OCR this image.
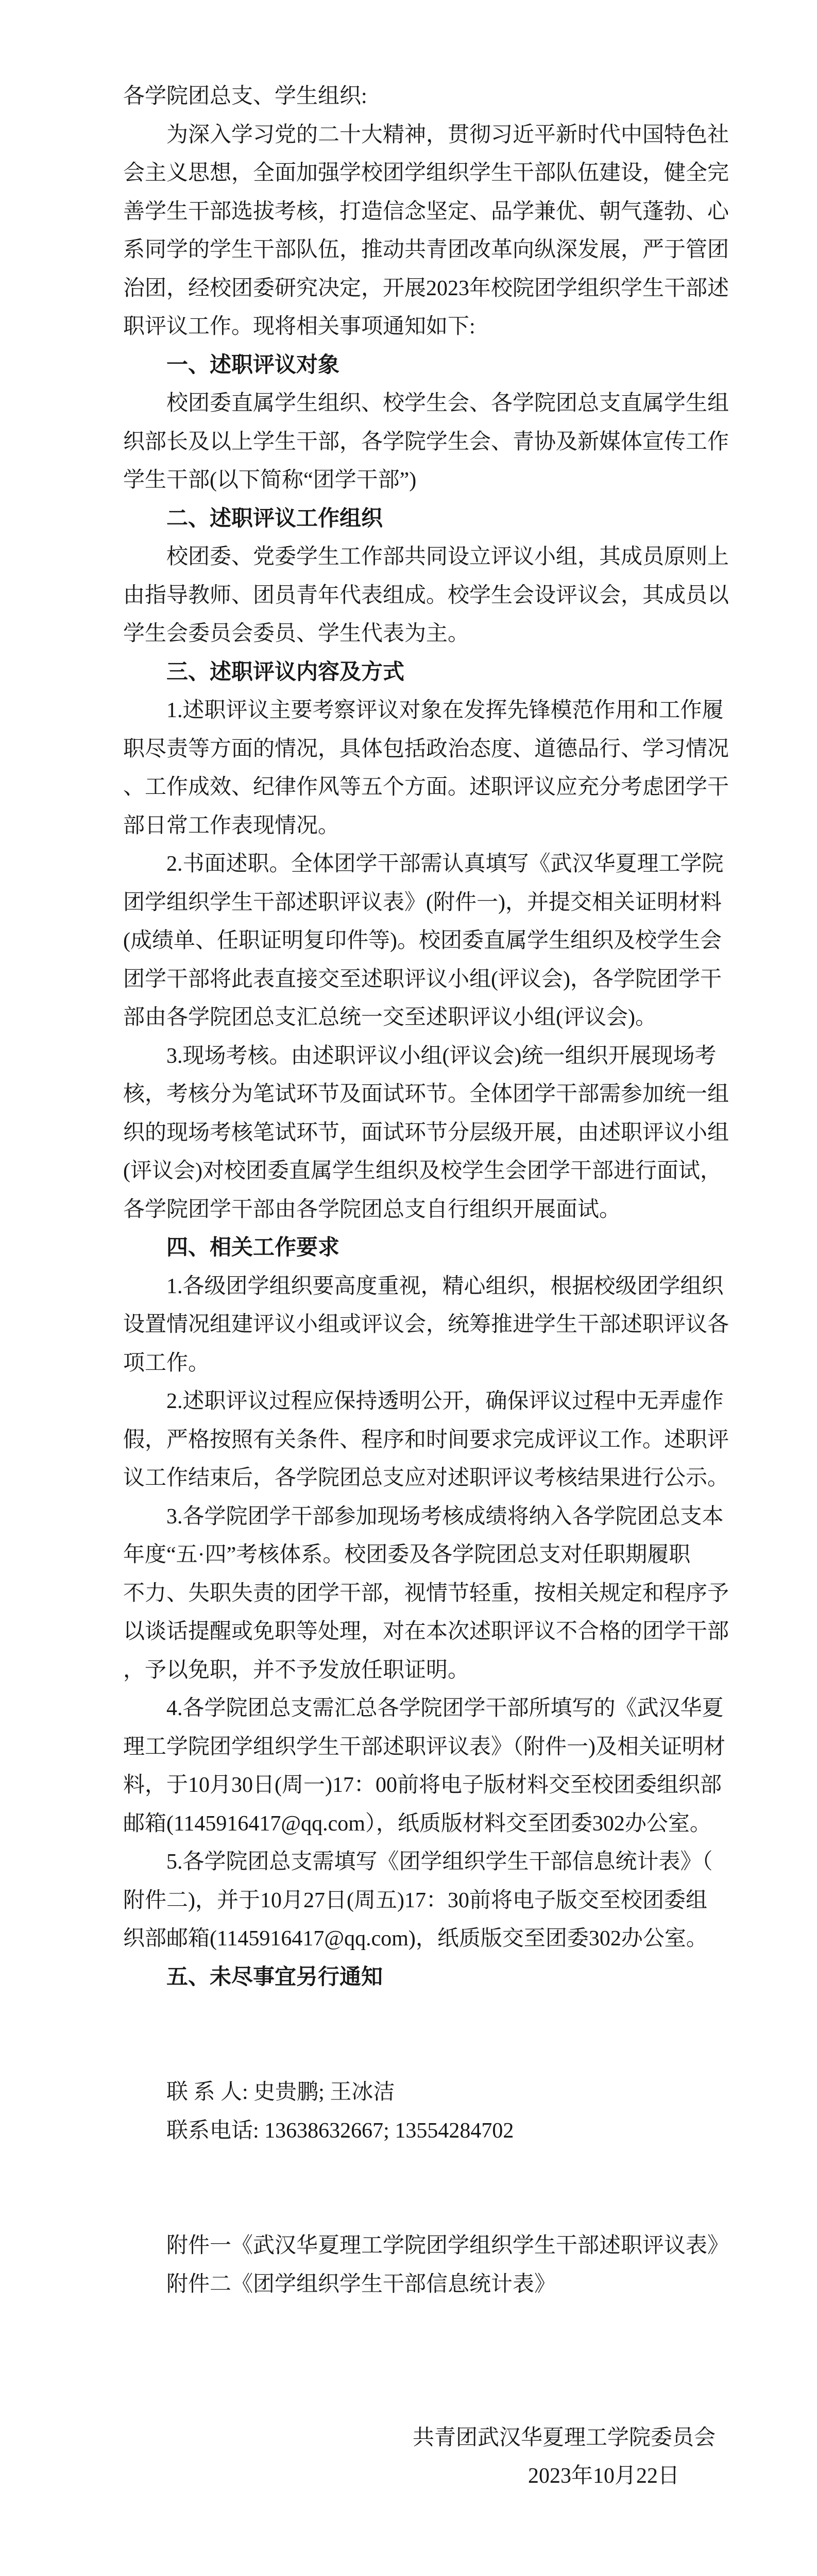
各学院团总支、学生组织:
为深入学习党的二十大精神，贯彻习近平新时代中国特色社
会主义思想，全面加强学校团学组织学生干部队伍建设，健全完
善学生干部选拔考核，打造信念坚定、品学兼优、朝气蓬勃、心
系同学的学生干部队伍，推动共青团改革向纵深发展，严于管团
治团，经校团委研究决定，开展2023年校院团学组织学生干部述
职评议工作。现将相关事项通知如下:
一、述职评议对象
校团委直属学生组织、校学生会、各学院团总支直属学生组
织部长及以上学生干部，各学院学生会、青协及新媒体宣传工作
学生干部(以下简称“团学干部”)
二、述职评议工作组织
校团委、党委学生工作部共同设立评议小组，其成员原则上
由指导教师、团员青年代表组成。校学生会设评议会，其成员以
学生会委员会委员、学生代表为主。
三、述职评议内容及方式
1.述职评议主要考察评议对象在发挥先锋模范作用和工作履
职尽责等方面的情况，具体包括政治态度、道德品行、学习情况
、工作成效、纪律作风等五个方面。述职评议应充分考虑团学干
部日常工作表现情况。
2.书面述职。全体团学干部需认真填写《武汉华夏理工学院
团学组织学生干部述职评议表》(附件一)，并提交相关证明材料
(成绩单、任职证明复印件等)。校团委直属学生组织及校学生会
团学干部将此表直接交至述职评议小组(评议会)，各学院团学干
部由各学院团总支汇总统一交至述职评议小组(评议会)。
3.现场考核。由述职评议小组(评议会)统一组织开展现场考
核，考核分为笔试环节及面试环节。全体团学干部需参加统一组
织的现场考核笔试环节，面试环节分层级开展，由述职评议小组
(评议会)对校团委直属学生组织及校学生会团学干部进行面试，
各学院团学干部由各学院团总支自行组织开展面试。
四、相关工作要求
1.各级团学组织要高度重视，精心组织，根据校级团学组织
设置情况组建评议小组或评议会，统筹推进学生干部述职评议各
项工作。
2.述职评议过程应保持透明公开，确保评议过程中无弄虚作
假，严格按照有关条件、程序和时间要求完成评议工作。述职评
议工作结束后，各学院团总支应对述职评议考核结果进行公示。
3.各学院团学干部参加现场考核成绩将纳入各学院团总支本
年度“五·四”考核体系。校团委及各学院团总支对任职期履职
不力、失职失责的团学干部，视情节轻重，按相关规定和程序予
以谈话提醒或免职等处理，对在本次述职评议不合格的团学干部
，予以免职，并不予发放任职证明。
4.各学院团总支需汇总各学院团学干部所填写的《武汉华夏
理工学院团学组织学生干部述职评议表》（附件一)及相关证明材
料，于10月30日(周一)17：00前将电子版材料交至校团委组织部
邮箱(1145916417@qq.com），纸质版材料交至团委302办公室。
5.各学院团总支需填写《团学组织学生干部信息统计表》（
附件二)，并于10月27日(周五)17：30前将电子版交至校团委组
织部邮箱(1145916417@qq.com)，纸质版交至团委302办公室。
五、未尽事宜另行通知
联 系 人: 史贵鹏; 王冰洁
联系电话: 13638632667; 13554284702
附件一《武汉华夏理工学院团学组织学生干部述职评议表》
附件二《团学组织学生干部信息统计表》
共青团武汉华夏理工学院委员会
2023年10月22日
